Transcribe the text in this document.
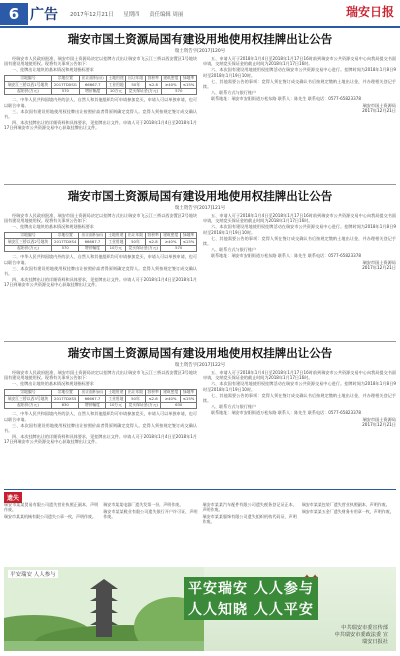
6 广告 2017年12月21日 星期四 责任编辑 周丽	瑞安日报
瑞安市国土资源局国有建设用地使用权挂牌出让公告
瑞土资告字[2017]120号

经瑞安市人民政府批准，瑞安市国土资源局决定以挂牌方式出让瑞安市飞云江三桥以西安置区1号地块国有建设用地使用权。现将有关事项公告如下：

一、挂牌出让地块的基本情况和规划指标要求

宗地编号	宗地位置	出让面积(㎡)	土地用途	出让年限	容积率	建筑密度	绿地率
瑞安江三桥以西1号地块	2017TDXSG	66667.7	工业用地	50年	≤2.8	≥40%	≤15%
起始价(万元)	570	增价幅度	10万元	竞买保证金(万元)		570	

二、中华人民共和国境内外的法人、自然人和其他组织均可申请参加竞买，申请人可以单独申请，也可以联合申请。

三、本次国有建设用地使用权挂牌出让按照价高者得原则确定竞得人。竞得人须按规定签订成交确认书。

四、本次挂牌出让的详细资料和具体要求，见挂牌出让文件。申请人可于2018年1月4日至2018年1月17日到瑞安市公共资源交易中心获取挂牌出让文件。

五、申请人可于2018年1月4日至2018年1月17日16时前到瑞安市公共资源交易中心向我局提交书面申请，交纳竞买保证金的截止时间为2018年1月17日16时。

六、本次国有建设用地使用权挂牌活动在瑞安市公共资源交易中心进行。挂牌时间为2018年1月8日9时至2018年1月19日10时。

七、其他需要公告的事项：竞得人须在签订成交确认书后按规定缴纳土地出让金，并办理相关登记手续。

八、联系方式与银行账户

联系地址：瑞安市安阳街道万松东路 联系人：陈先生 联系电话：0577-65823378

瑞安市国土资源局
2017年12月21日
瑞安市国土资源局国有建设用地使用权挂牌出让公告
瑞土资告字[2017]121号

经瑞安市人民政府批准，瑞安市国土资源局决定以挂牌方式出让瑞安市飞云江三桥以西安置区2号地块国有建设用地使用权。现将有关事项公告如下：

一、挂牌出让地块的基本情况和规划指标要求

宗地编号	宗地位置	出让面积(㎡)	土地用途	出让年限	容积率	建筑密度	绿地率
瑞安江三桥以西2号地块	2017TDXS4	66667.7	工业用地	50年	≤2.8	≥40%	≤15%
起始价(万元)	570	增价幅度	10万元	竞买保证金(万元)		570	

二、中华人民共和国境内外的法人、自然人和其他组织均可申请参加竞买，申请人可以单独申请，也可以联合申请。

三、本次国有建设用地使用权挂牌出让按照价高者得原则确定竞得人。竞得人须按规定签订成交确认书。

四、本次挂牌出让的详细资料和具体要求，见挂牌出让文件。申请人可于2018年1月4日至2018年1月17日到瑞安市公共资源交易中心获取挂牌出让文件。

五、申请人可于2018年1月4日至2018年1月17日16时前到瑞安市公共资源交易中心向我局提交书面申请，交纳竞买保证金的截止时间为2018年1月17日16时。

六、本次国有建设用地使用权挂牌活动在瑞安市公共资源交易中心进行。挂牌时间为2018年1月8日9时至2018年1月19日10时。

七、其他需要公告的事项：竞得人须在签订成交确认书后按规定缴纳土地出让金，并办理相关登记手续。

八、联系方式与银行账户

联系地址：瑞安市安阳街道万松东路 联系人：陈先生 联系电话：0577-65823378

瑞安市国土资源局
2017年12月21日
瑞安市国土资源局国有建设用地使用权挂牌出让公告
瑞土资告字[2017]122号

经瑞安市人民政府批准，瑞安市国土资源局决定以挂牌方式出让瑞安市飞云江三桥以西安置区3号地块国有建设用地使用权。现将有关事项公告如下：

一、挂牌出让地块的基本情况和规划指标要求

宗地编号	宗地位置	出让面积(㎡)	土地用途	出让年限	容积率	建筑密度	绿地率
瑞安江三桥以西3号地块	2017TDXS5	66667.7	工业用地	50年	≤2.8	≥40%	≤15%
起始价(万元)	630	增价幅度	10万元	竞买保证金(万元)		630	

二、中华人民共和国境内外的法人、自然人和其他组织均可申请参加竞买，申请人可以单独申请，也可以联合申请。

三、本次国有建设用地使用权挂牌出让按照价高者得原则确定竞得人。竞得人须按规定签订成交确认书。

四、本次挂牌出让的详细资料和具体要求，见挂牌出让文件。申请人可于2018年1月4日至2018年1月17日到瑞安市公共资源交易中心获取挂牌出让文件。

五、申请人可于2018年1月4日至2018年1月17日16时前到瑞安市公共资源交易中心向我局提交书面申请，交纳竞买保证金的截止时间为2018年1月17日16时。

六、本次国有建设用地使用权挂牌活动在瑞安市公共资源交易中心进行。挂牌时间为2018年1月8日9时至2018年1月19日10时。

七、其他需要公告的事项：竞得人须在签订成交确认书后按规定缴纳土地出让金，并办理相关登记手续。

八、联系方式与银行账户

联系地址：瑞安市安阳街道万松东路 联系人：陈先生 联系电话：0577-65823378

瑞安市国土资源局
2017年12月21日
遗失

瑞安市某某贸易有限公司遗失营业执照正副本，声明作废。

瑞安市某某机械有限公司遗失公章一枚，声明作废。

瑞安市某某电器厂遗失发票一份，声明作废。

瑞安市某某鞋业有限公司遗失银行开户许可证，声明作废。

瑞安市某某汽车配件有限公司遗失税务登记证正本，声明作废。

瑞安市某某服饰有限公司遗失组织机构代码证，声明作废。

瑞安市某某包装厂遗失营业执照副本，声明作废。

瑞安市某某五金厂遗失财务专用章一枚，声明作废。

平安瑞安 人人参与
平安瑞安 人人参与
人人知晓 人人平安
中共瑞安市委宣传部
中共瑞安市委政法委 宣
瑞安日报社
